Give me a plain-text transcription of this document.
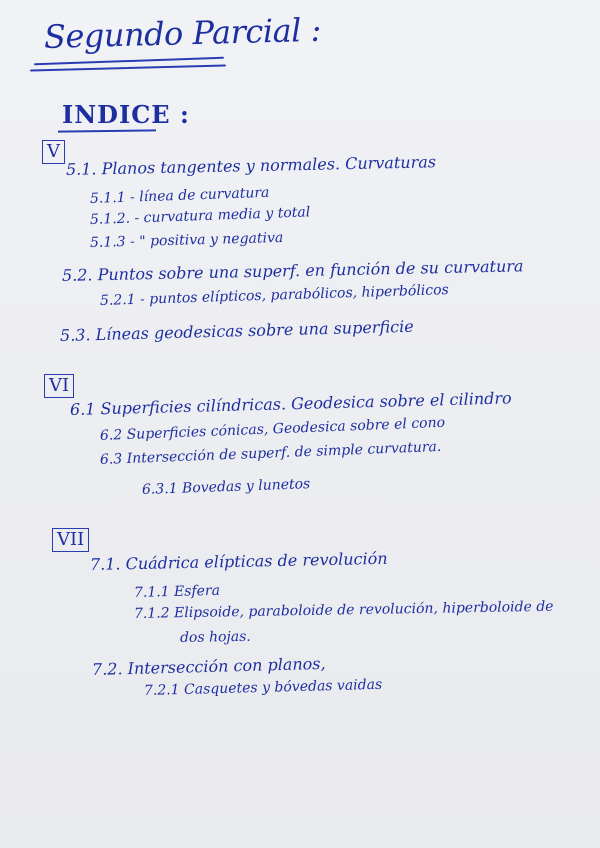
Segundo Parcial :
INDICE :
V
5.1. Planos tangentes y normales. Curvaturas
5.1.1 - línea de curvatura
5.1.2. - curvatura media y total
5.1.3 - " positiva y negativa
5.2. Puntos sobre una superf. en función de su curvatura
5.2.1 - puntos elípticos, parabólicos, hiperbólicos
5.3. Líneas geodesicas sobre una superficie
VI
6.1 Superficies cilíndricas. Geodesica sobre el cilindro
6.2 Superficies cónicas, Geodesica sobre el cono
6.3 Intersección de superf. de simple curvatura.
6.3.1 Bovedas y lunetos
VII
7.1. Cuádrica elípticas de revolución
7.1.1 Esfera
7.1.2 Elipsoide, paraboloide de revolución, hiperboloide de
dos hojas.
7.2. Intersección con planos,
7.2.1 Casquetes y bóvedas vaidas
